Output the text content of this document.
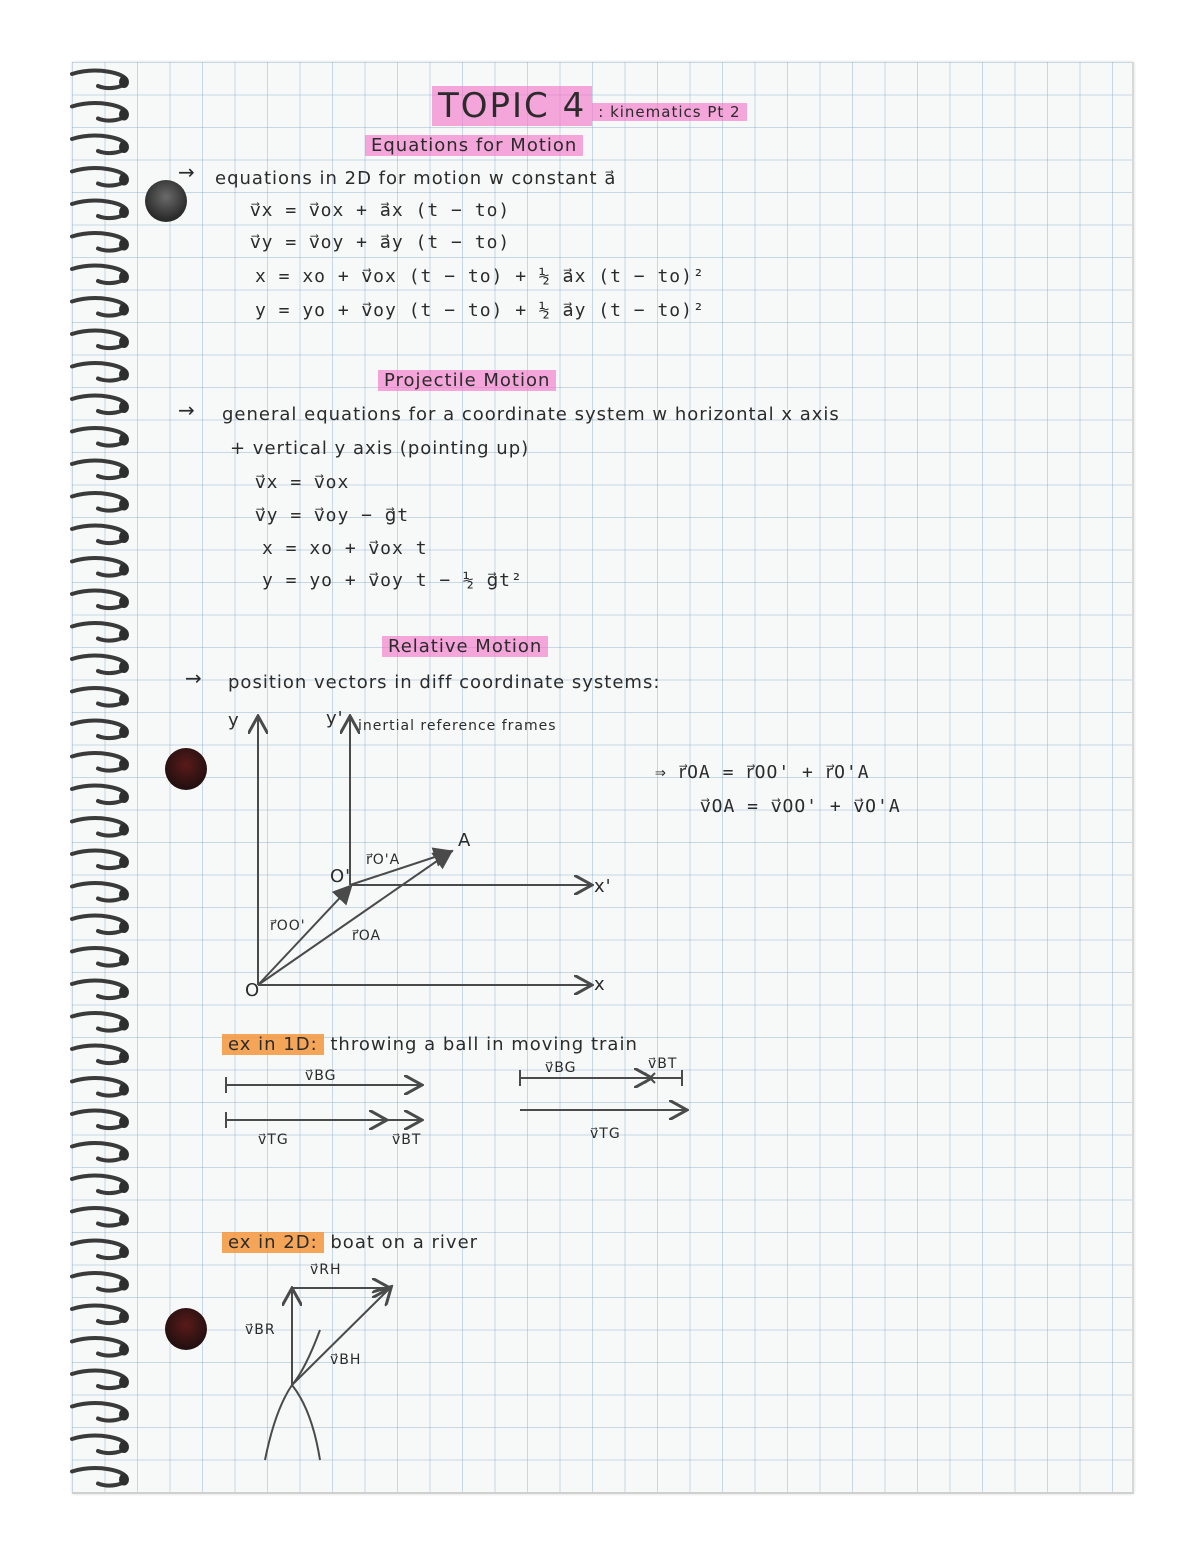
TOPIC 4 : kinematics Pt 2
Equations for Motion
→ equations in 2D for motion w constant a⃗
v⃗x = v⃗ox + a⃗x (t − to)
v⃗y = v⃗oy + a⃗y (t − to)
x = xo + v⃗ox (t − to) + ½ a⃗x (t − to)²
y = yo + v⃗oy (t − to) + ½ a⃗y (t − to)²
Projectile Motion
→ general equations for a coordinate system w horizontal x axis
+ vertical y axis (pointing up)
v⃗x = v⃗ox
v⃗y = v⃗oy − g⃗t
x = xo + v⃗ox t
y = yo + v⃗oy t − ½ g⃗t²
Relative Motion
→ position vectors in diff coordinate systems:
inertial reference frames
⇒ r⃗OA = r⃗OO' + r⃗O'A
v⃗OA = v⃗OO' + v⃗O'A
y	y'
x'
x
O
O'
A
r⃗OO'
r⃗OA
r⃗O'A
ex in 1D: throwing a ball in moving train
v⃗BG
v⃗TG	v⃗BT
v⃗BG	v⃗BT
v⃗TG
ex in 2D: boat on a river
v⃗RH
v⃗BR
v⃗BH
